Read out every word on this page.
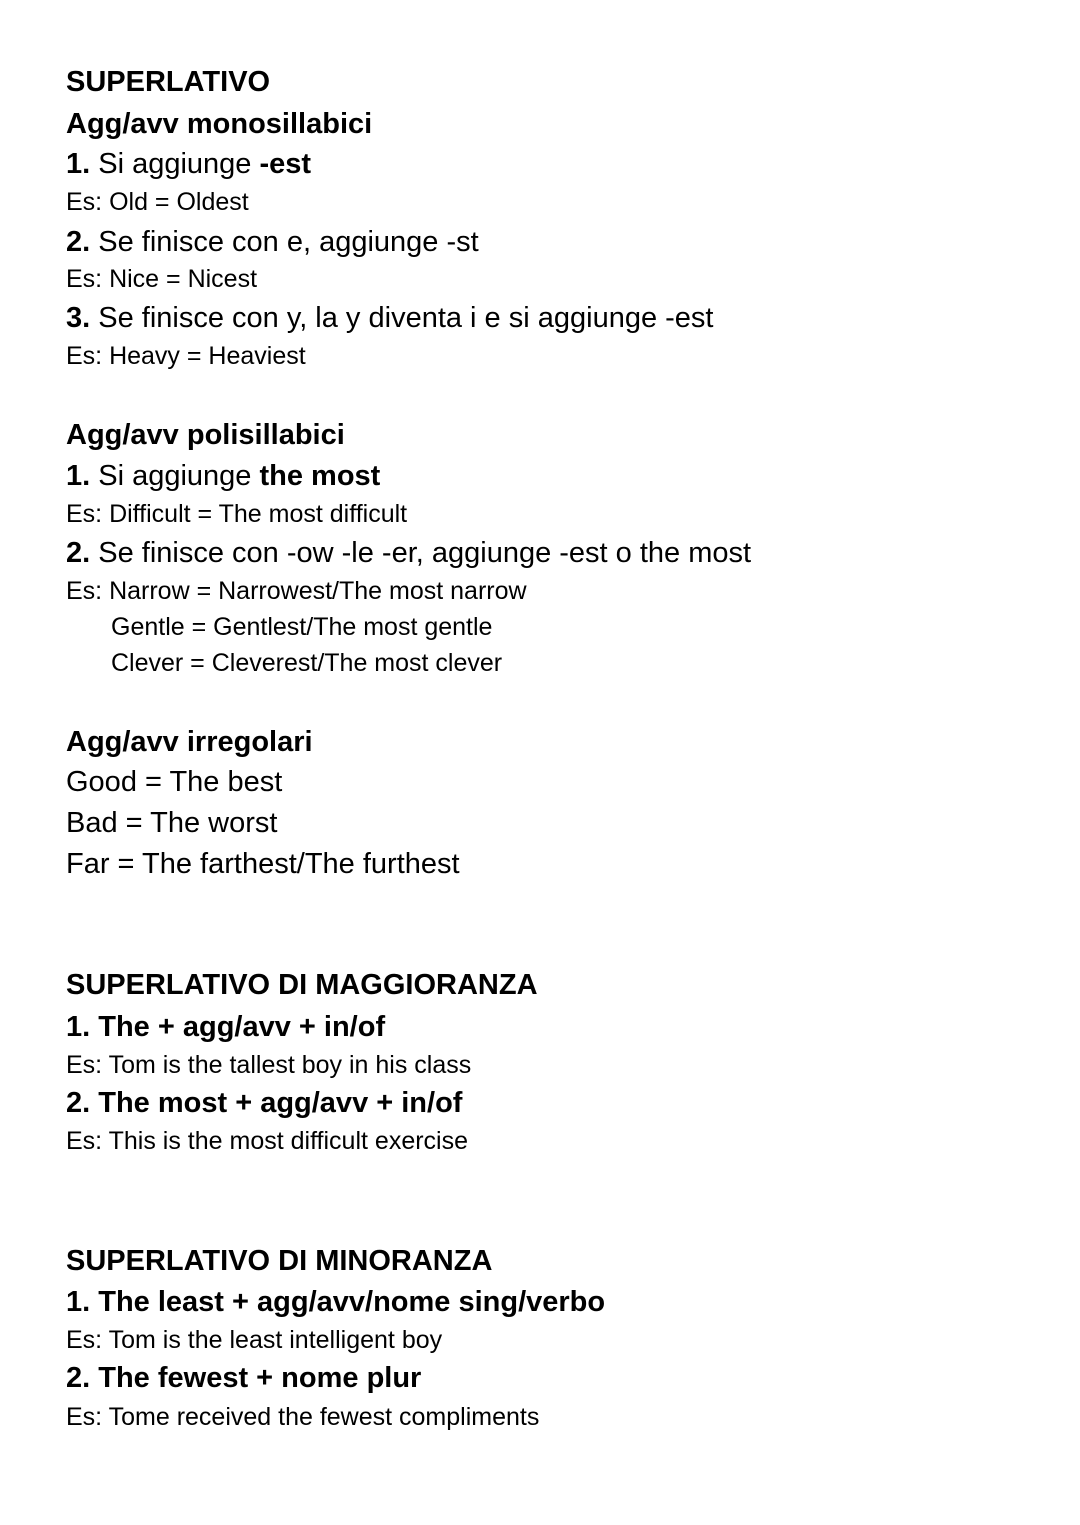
SUPERLATIVO
Agg/avv monosillabici
1. Si aggiunge -est
Es: Old = Oldest
2. Se finisce con e, aggiunge -st
Es: Nice = Nicest
3. Se finisce con y, la y diventa i e si aggiunge -est
Es: Heavy = Heaviest
Agg/avv polisillabici
1. Si aggiunge the most
Es: Difficult = The most difficult
2. Se finisce con -ow -le -er, aggiunge -est o the most
Es: Narrow = Narrowest/The most narrow
Gentle = Gentlest/The most gentle
Clever = Cleverest/The most clever
Agg/avv irregolari
Good = The best
Bad = The worst
Far = The farthest/The furthest
SUPERLATIVO DI MAGGIORANZA
1. The + agg/avv + in/of
Es: Tom is the tallest boy in his class
2. The most + agg/avv + in/of
Es: This is the most difficult exercise
SUPERLATIVO DI MINORANZA
1. The least + agg/avv/nome sing/verbo
Es: Tom is the least intelligent boy
2. The fewest + nome plur
Es: Tome received the fewest compliments
